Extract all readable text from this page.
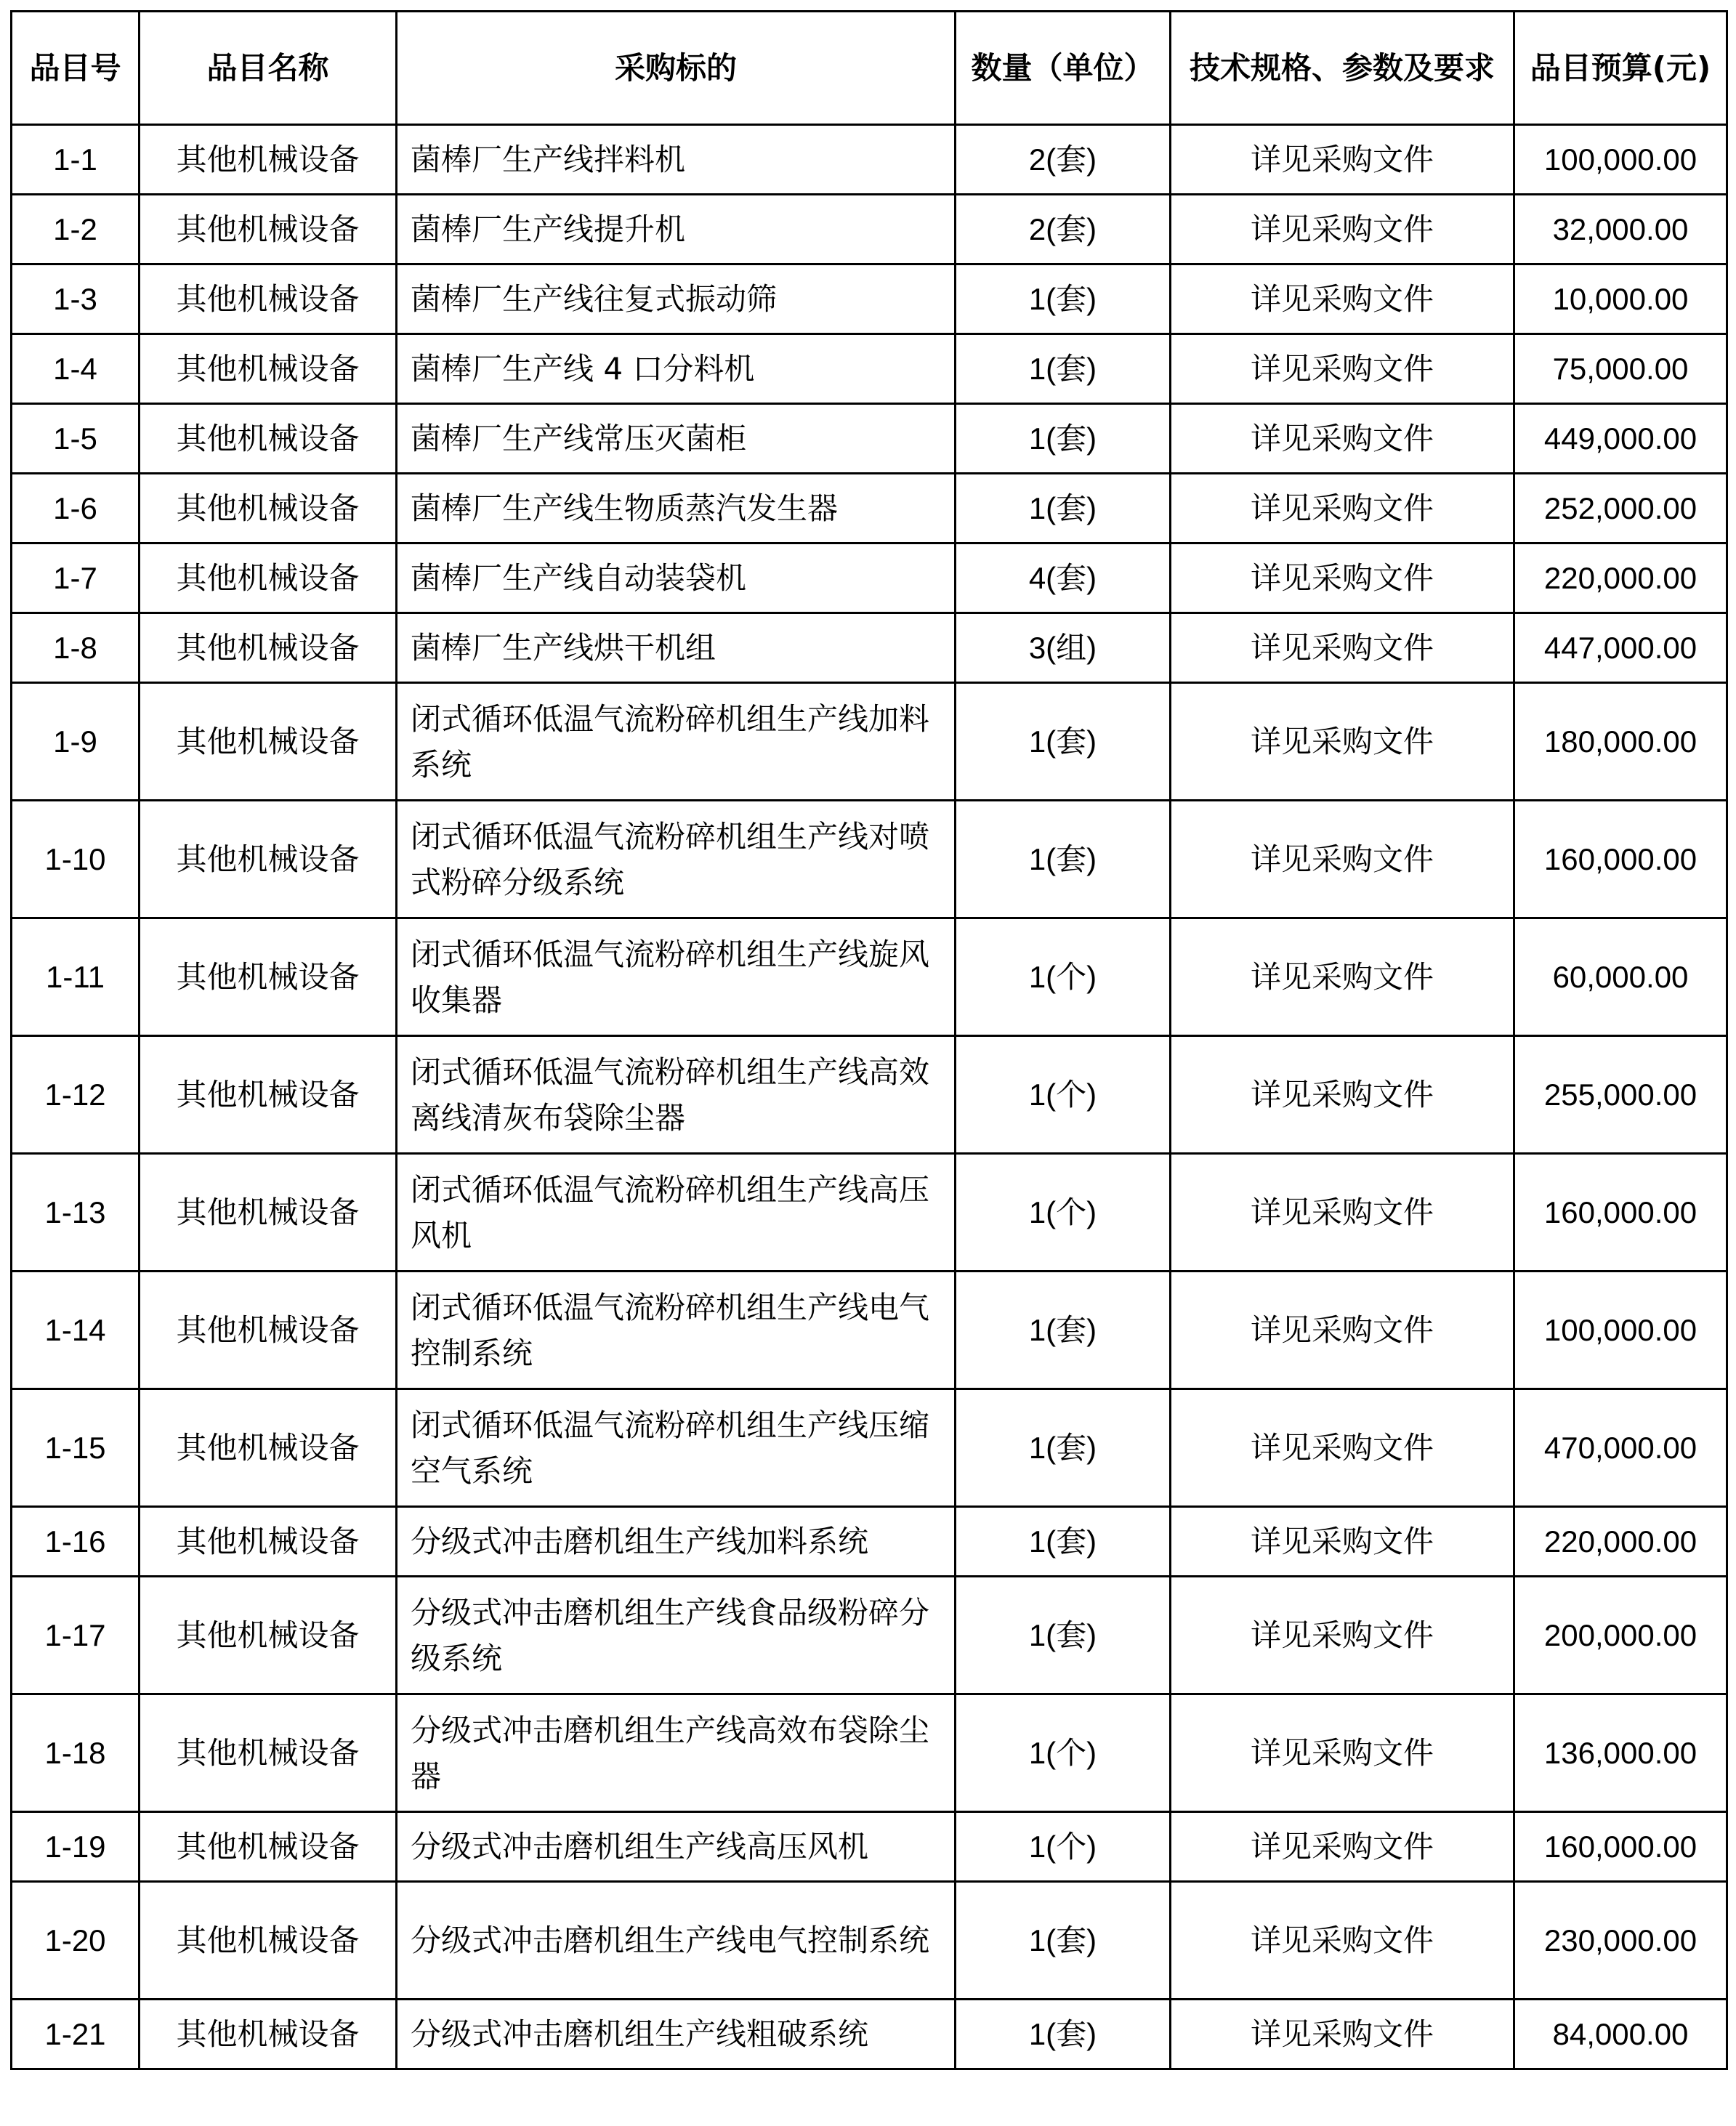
品目号	品目名称	采购标的	数量（单位）	技术规格、参数及要求	品目预算(元)
1-1	其他机械设备	菌棒厂生产线拌料机	2(套)	详见采购文件	100,000.00
1-2	其他机械设备	菌棒厂生产线提升机	2(套)	详见采购文件	32,000.00
1-3	其他机械设备	菌棒厂生产线往复式振动筛	1(套)	详见采购文件	10,000.00
1-4	其他机械设备	菌棒厂生产线 4 口分料机	1(套)	详见采购文件	75,000.00
1-5	其他机械设备	菌棒厂生产线常压灭菌柜	1(套)	详见采购文件	449,000.00
1-6	其他机械设备	菌棒厂生产线生物质蒸汽发生器	1(套)	详见采购文件	252,000.00
1-7	其他机械设备	菌棒厂生产线自动装袋机	4(套)	详见采购文件	220,000.00
1-8	其他机械设备	菌棒厂生产线烘干机组	3(组)	详见采购文件	447,000.00
1-9	其他机械设备	闭式循环低温气流粉碎机组生产线加料系统	1(套)	详见采购文件	180,000.00
1-10	其他机械设备	闭式循环低温气流粉碎机组生产线对喷式粉碎分级系统	1(套)	详见采购文件	160,000.00
1-11	其他机械设备	闭式循环低温气流粉碎机组生产线旋风收集器	1(个)	详见采购文件	60,000.00
1-12	其他机械设备	闭式循环低温气流粉碎机组生产线高效离线清灰布袋除尘器	1(个)	详见采购文件	255,000.00
1-13	其他机械设备	闭式循环低温气流粉碎机组生产线高压风机	1(个)	详见采购文件	160,000.00
1-14	其他机械设备	闭式循环低温气流粉碎机组生产线电气控制系统	1(套)	详见采购文件	100,000.00
1-15	其他机械设备	闭式循环低温气流粉碎机组生产线压缩空气系统	1(套)	详见采购文件	470,000.00
1-16	其他机械设备	分级式冲击磨机组生产线加料系统	1(套)	详见采购文件	220,000.00
1-17	其他机械设备	分级式冲击磨机组生产线食品级粉碎分级系统	1(套)	详见采购文件	200,000.00
1-18	其他机械设备	分级式冲击磨机组生产线高效布袋除尘器	1(个)	详见采购文件	136,000.00
1-19	其他机械设备	分级式冲击磨机组生产线高压风机	1(个)	详见采购文件	160,000.00
1-20	其他机械设备	分级式冲击磨机组生产线电气控制系统	1(套)	详见采购文件	230,000.00
1-21	其他机械设备	分级式冲击磨机组生产线粗破系统	1(套)	详见采购文件	84,000.00
